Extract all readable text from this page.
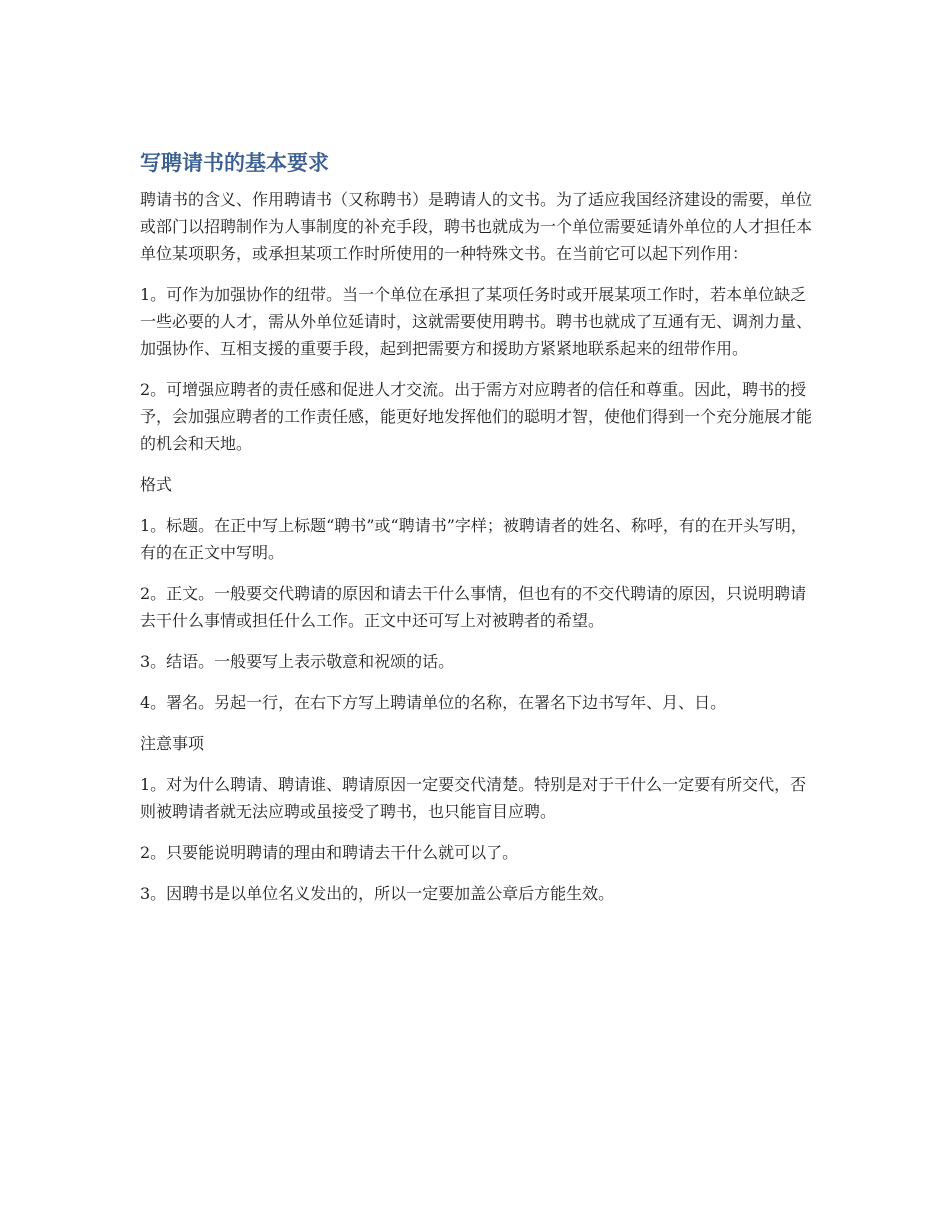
写聘请书的基本要求

聘请书的含义、作用聘请书（又称聘书）是聘请人的文书。为了适应我国经济建设的需要，单位或部门以招聘制作为人事制度的补充手段，聘书也就成为一个单位需要延请外单位的人才担任本单位某项职务，或承担某项工作时所使用的一种特殊文书。在当前它可以起下列作用：

1。可作为加强协作的纽带。当一个单位在承担了某项任务时或开展某项工作时，若本单位缺乏一些必要的人才，需从外单位延请时，这就需要使用聘书。聘书也就成了互通有无、调剂力量、加强协作、互相支援的重要手段，起到把需要方和援助方紧紧地联系起来的纽带作用。

2。可增强应聘者的责任感和促进人才交流。出于需方对应聘者的信任和尊重。因此，聘书的授予，会加强应聘者的工作责任感，能更好地发挥他们的聪明才智，使他们得到一个充分施展才能的机会和天地。

格式

1。标题。在正中写上标题“聘书”或“聘请书”字样；被聘请者的姓名、称呼，有的在开头写明，有的在正文中写明。

2。正文。一般要交代聘请的原因和请去干什么事情，但也有的不交代聘请的原因，只说明聘请去干什么事情或担任什么工作。正文中还可写上对被聘者的希望。

3。结语。一般要写上表示敬意和祝颂的话。

4。署名。另起一行，在右下方写上聘请单位的名称，在署名下边书写年、月、日。

注意事项

1。对为什么聘请、聘请谁、聘请原因一定要交代清楚。特别是对于干什么一定要有所交代，否则被聘请者就无法应聘或虽接受了聘书，也只能盲目应聘。

2。只要能说明聘请的理由和聘请去干什么就可以了。

3。因聘书是以单位名义发出的，所以一定要加盖公章后方能生效。
